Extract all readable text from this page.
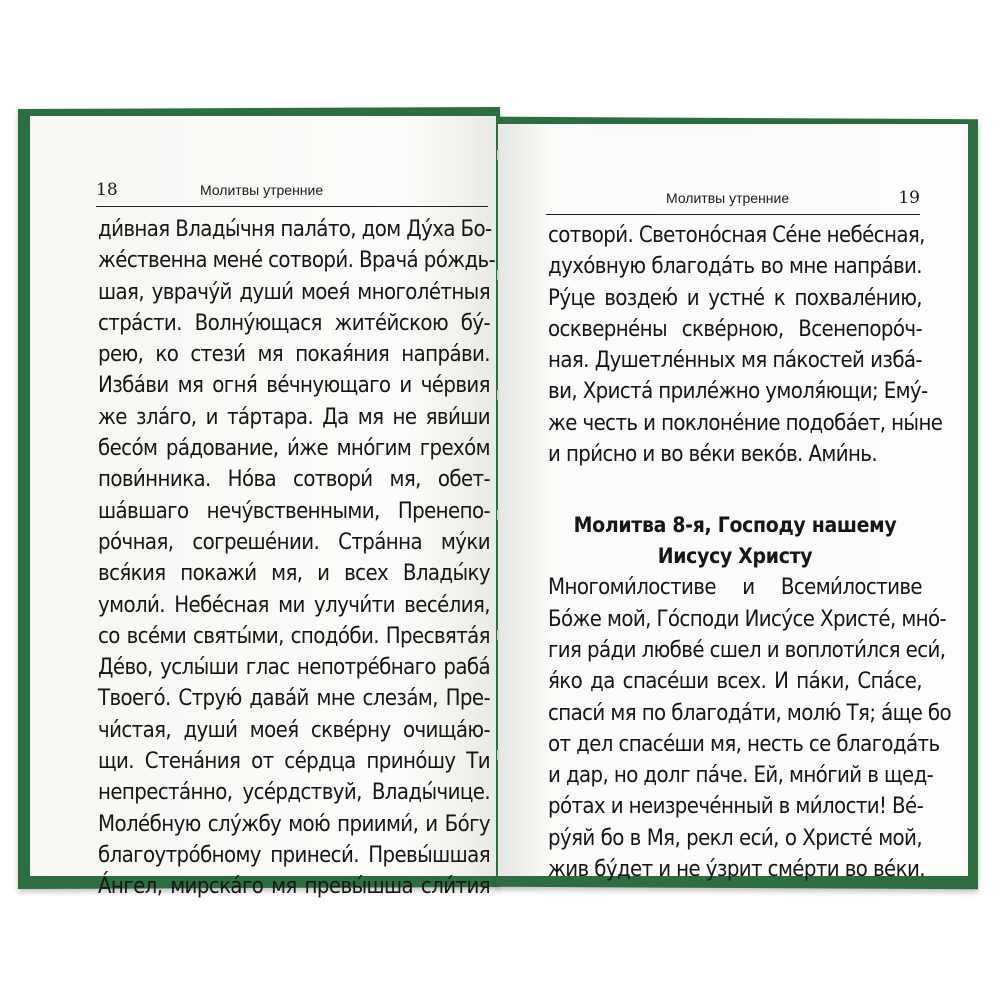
18	Молитвы утренние
ди́вная Влады́чня пала́то, дом Ду́ха Бо-
же́ственна мене́ сотвори́. Врача́ ро́ждь-
шая, уврачу́й души́ моея́ многоле́тныя
стра́сти. Волну́ющася жите́йскою бу́-
рею, ко стези́ мя покая́ния напра́ви.
Изба́ви мя огня́ ве́чнующаго и че́рвия
же зла́го, и та́ртара. Да мя не яви́ши
бесо́м ра́дование, и́же мно́гим грехо́м
пови́нника. Но́ва сотвори́ мя, обет-
ша́вшаго нечу́вственными, Пренепо-
ро́чная, согреше́нии. Стра́нна му́ки
вся́кия покажи́ мя, и всех Влады́ку
умоли́. Небе́сная ми улучи́ти весе́лия,
со все́ми святы́ми, сподо́би. Пресвята́я
Де́во, услы́ши глас непотре́бнаго раба́
Твоего́. Струю́ дава́й мне слеза́м, Пре-
чи́стая, души́ моея́ скве́рну очища́ю-
щи. Стена́ния от се́рдца прино́шу Ти
непреста́нно, усе́рдствуй, Влады́чице.
Моле́бную слу́жбу мою́ приими́, и Бо́гу
благоутро́бному принеси́. Превы́шшая
А́нгел, мирска́го мя превы́шша сли́тия
Молитвы утренние	19
сотвори́. Светоно́сная Се́не небе́сная,
духо́вную благода́ть во мне напра́ви.
Ру́це воздею́ и устне́ к похвале́нию,
оскверне́ны скве́рною, Всенепоро́ч-
ная. Душетле́нных мя па́костей изба́-
ви, Христа́ приле́жно умоля́ющи; Ему́-
же честь и поклоне́ние подоба́ет, ны́не
и при́сно и во ве́ки веко́в. Ами́нь.
Молитва 8-я, Господу нашему
Иисусу Христу
Многоми́лостиве и Всеми́лостиве
Бо́же мой, Го́споди Иису́се Христе́, мно́-
гия ра́ди любве́ сшел и воплоти́лся еси́,
я́ко да спасе́ши всех. И па́ки, Спа́се,
спаси́ мя по благода́ти, молю́ Тя; а́ще бо
от дел спасе́ши мя, несть се благода́ть
и дар, но долг па́че. Ей, мно́гий в щед-
ро́тах и неизрече́нный в ми́лости! Ве́-
ру́яй бо в Мя, рекл еси́, о Христе́ мой,
жив бу́дет и не у́зрит сме́рти во ве́ки.
